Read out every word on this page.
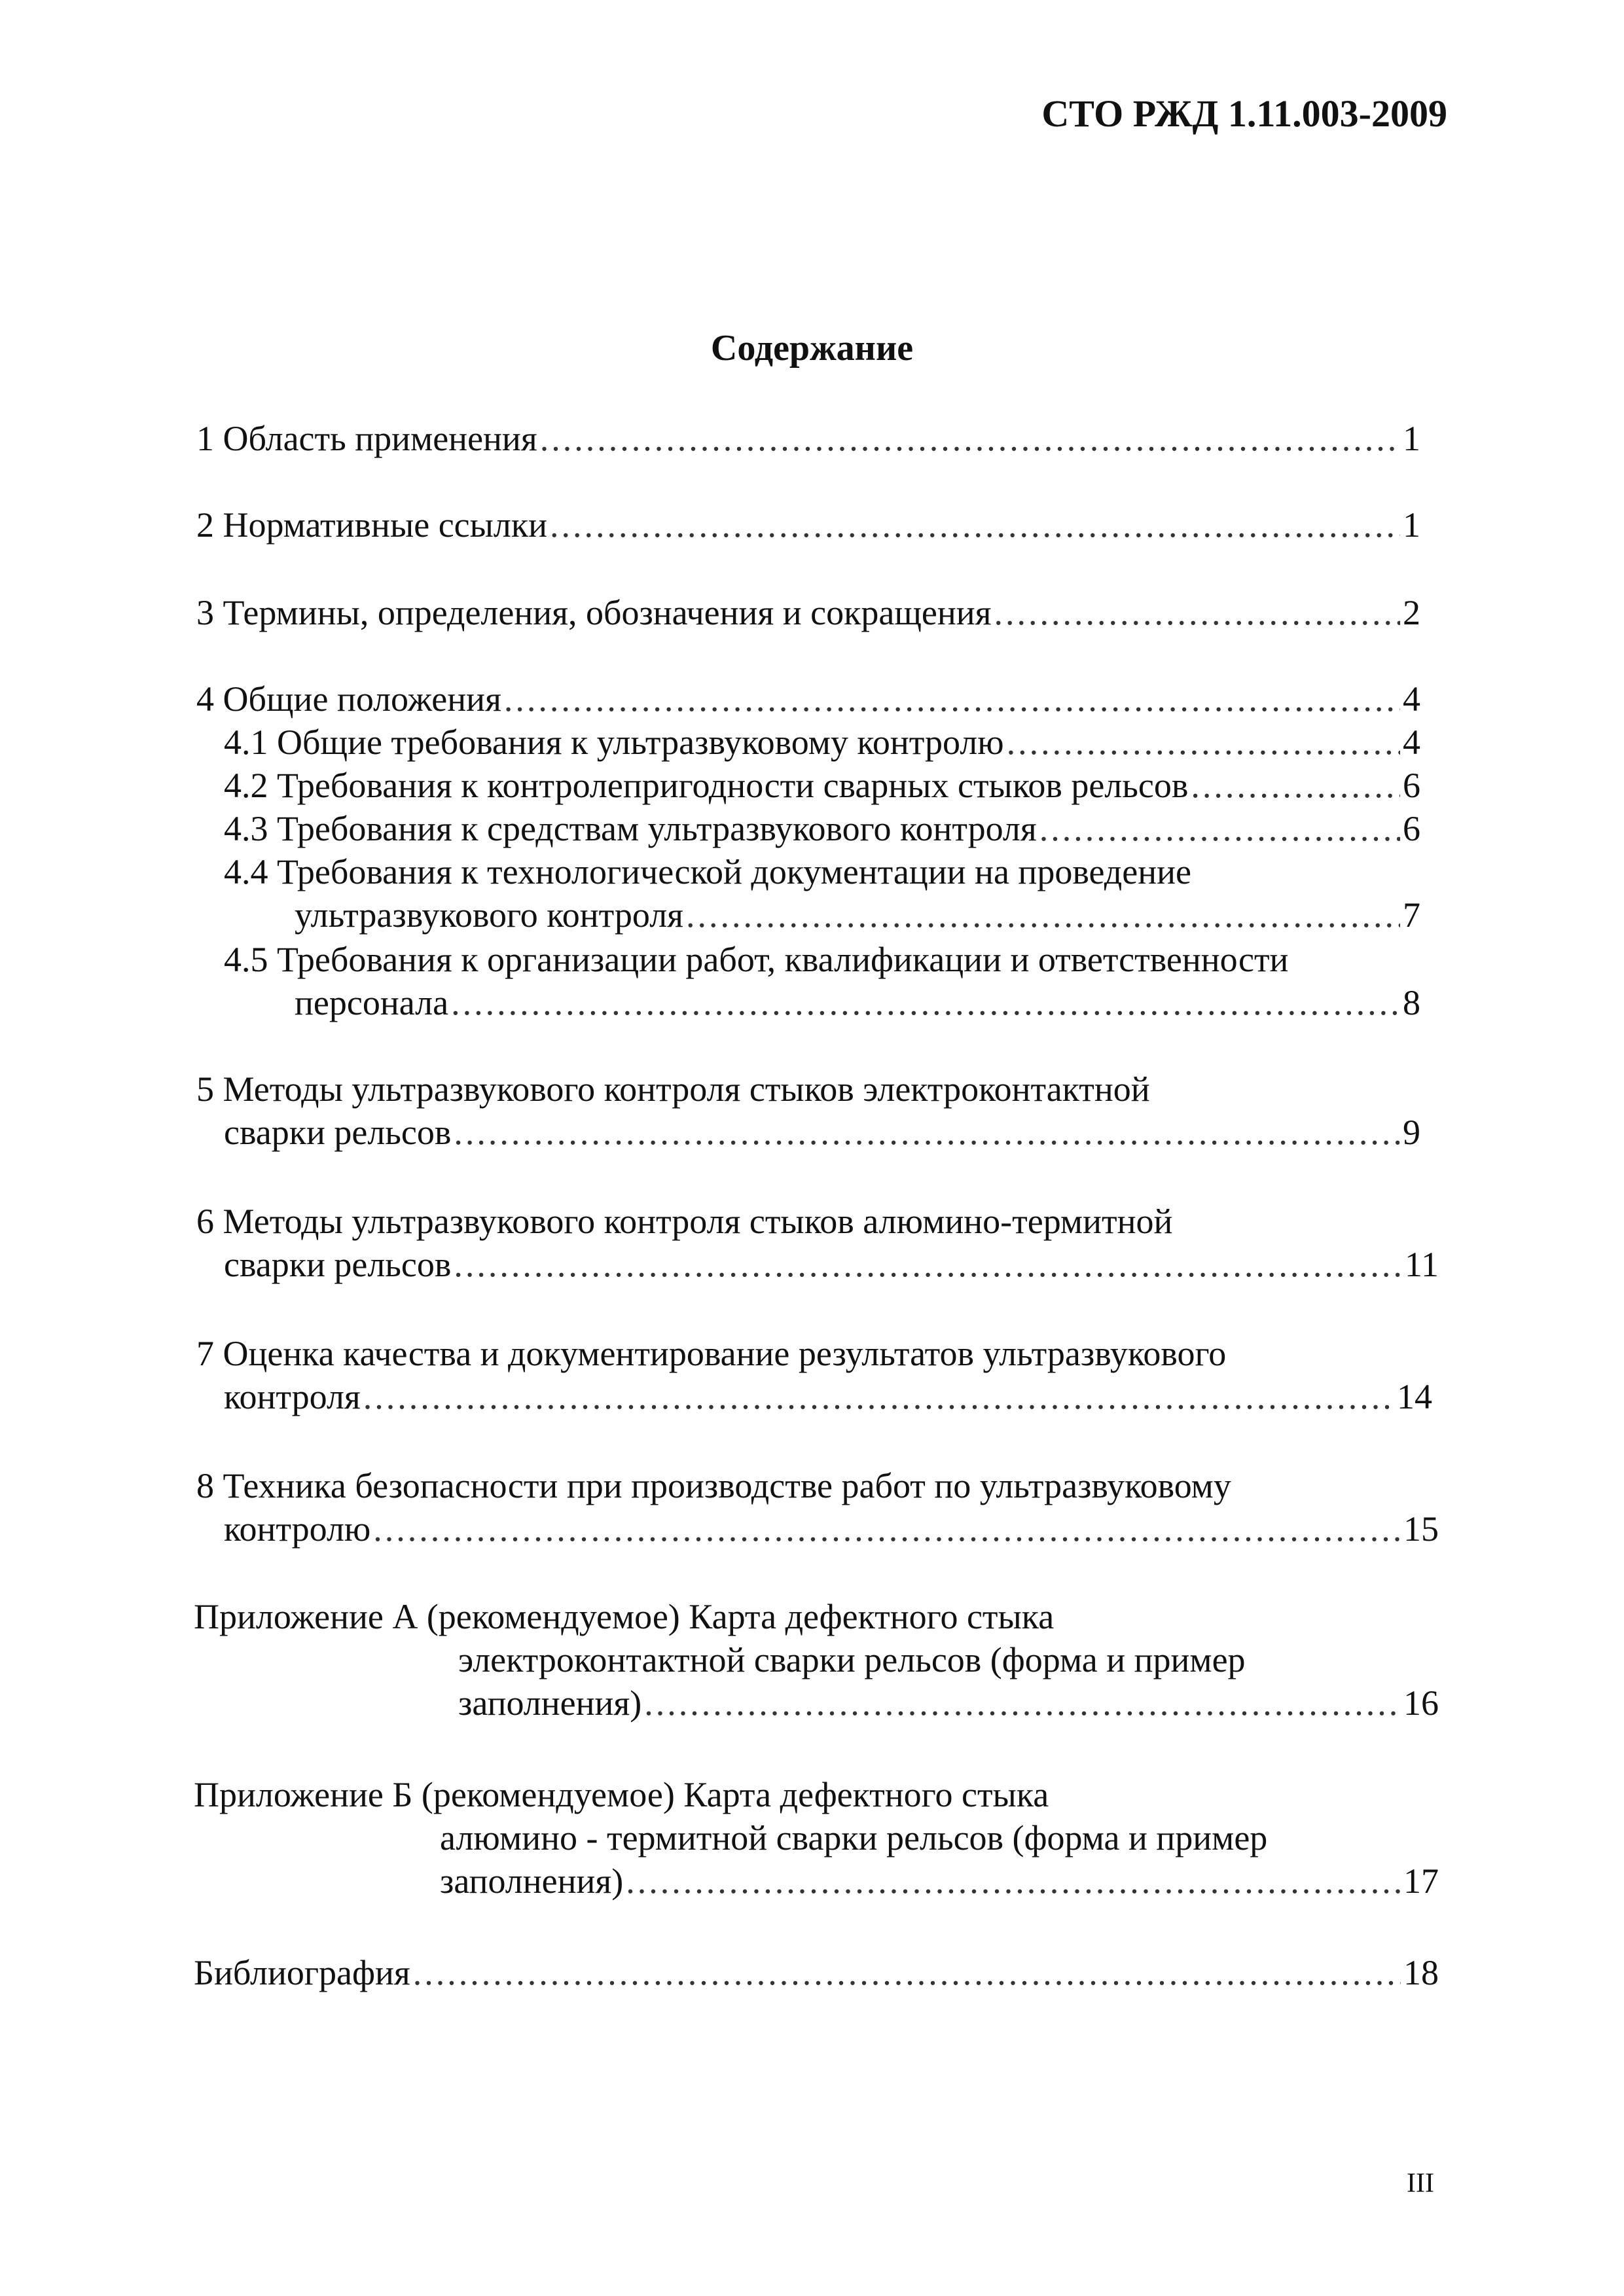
СТО РЖД 1.11.003-2009
Содержание
1 Область применения .....	1
2 Нормативные ссылки .....	1
3 Термины, определения, обозначения и сокращения .....	2
4 Общие положения .....	4
4.1 Общие требования к ультразвуковому контролю .....	4
4.2 Требования к контролепригодности сварных стыков рельсов .....	6
4.3 Требования к средствам ультразвукового контроля .....	6
4.4 Требования к технологической документации на проведение
ультразвукового контроля .....	7
4.5 Требования к организации работ, квалификации и ответственности
персонала .....	8
5 Методы ультразвукового контроля стыков электроконтактной
сварки рельсов .....	9
6 Методы ультразвукового контроля стыков алюмино-термитной
сварки рельсов .....	11
7 Оценка качества и документирование результатов ультразвукового
контроля .....	14
8 Техника безопасности при производстве работ по ультразвуковому
контролю .....	15
Приложение А (рекомендуемое) Карта дефектного стыка
электроконтактной сварки рельсов (форма и пример
заполнения) .....	16
Приложение Б (рекомендуемое) Карта дефектного стыка
алюмино - термитной сварки рельсов (форма и пример
заполнения) .....	17
Библиография .....	18
III
